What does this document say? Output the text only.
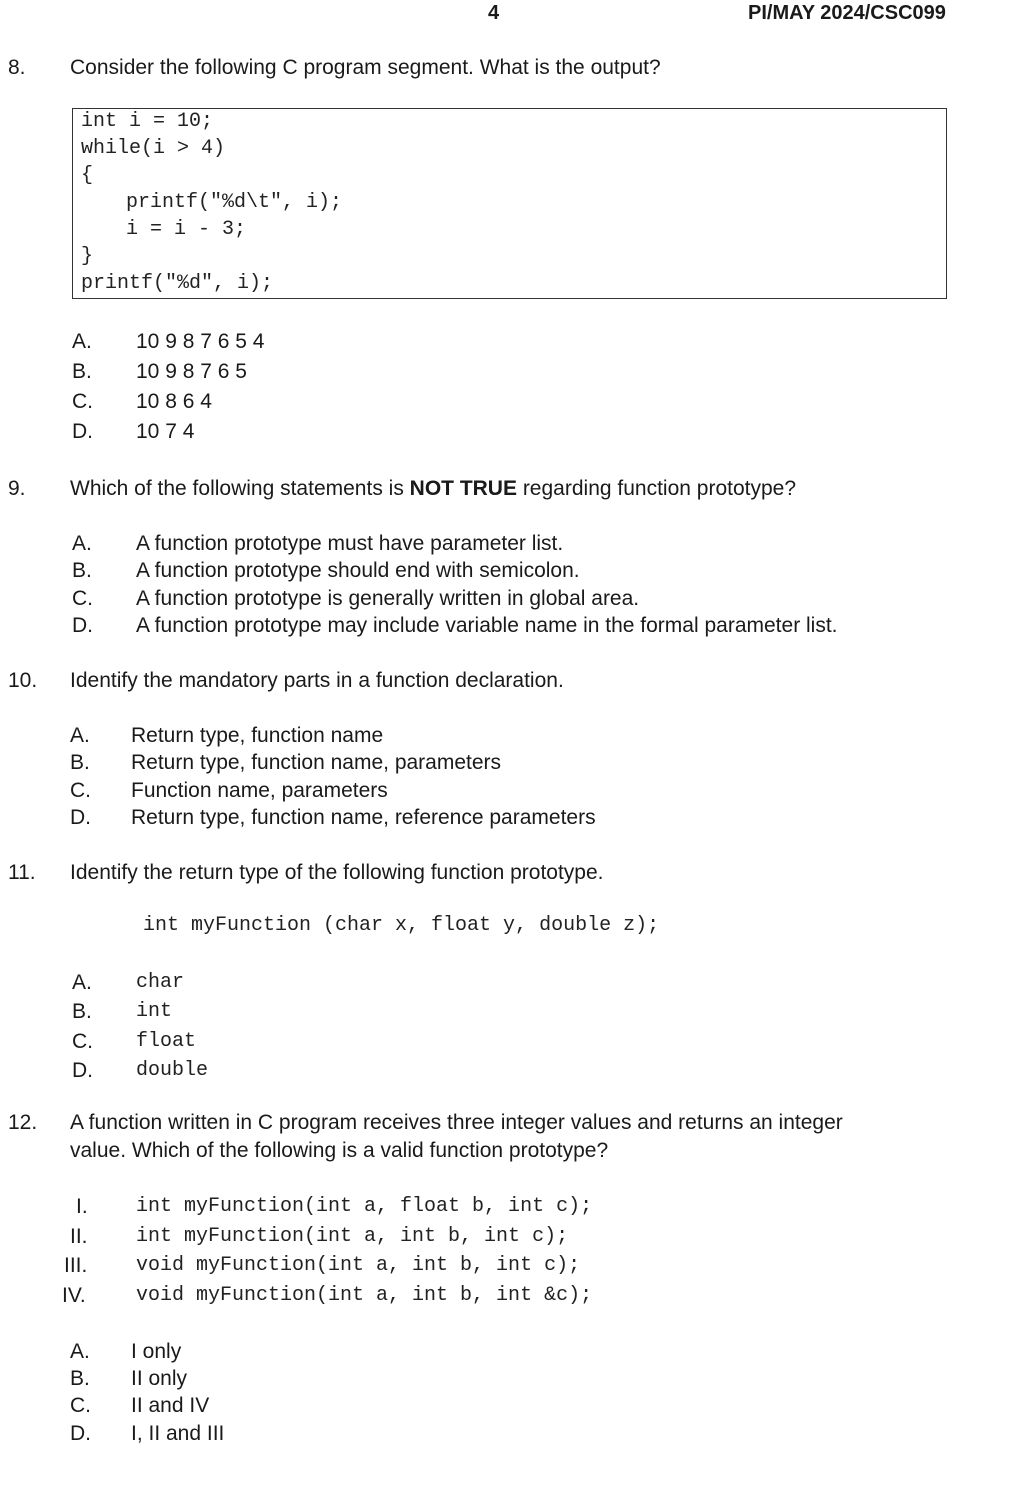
4	PI/MAY 2024/CSC099
8. Consider the following C program segment. What is the output?
int i = 10;
while(i > 4)
{
printf("%d\t", i);
i = i - 3;
}
printf("%d", i);
A. 10 9 8 7 6 5 4
B. 10 9 8 7 6 5
C. 10 8 6 4
D. 10 7 4
9. Which of the following statements is NOT TRUE regarding function prototype?
A. A function prototype must have parameter list.
B. A function prototype should end with semicolon.
C. A function prototype is generally written in global area.
D. A function prototype may include variable name in the formal parameter list.
10. Identify the mandatory parts in a function declaration.
A. Return type, function name
B. Return type, function name, parameters
C. Function name, parameters
D. Return type, function name, reference parameters
11. Identify the return type of the following function prototype.
int myFunction (char x, float y, double z);
A. char
B. int
C. float
D. double
12. A function written in C program receives three integer values and returns an integer
value. Which of the following is a valid function prototype?
I. int myFunction(int a, float b, int c);
II. int myFunction(int a, int b, int c);
III. void myFunction(int a, int b, int c);
IV.	void myFunction(int a, int b, int &c);
A. I only
B. II only
C. II and IV
D. I, II and III
